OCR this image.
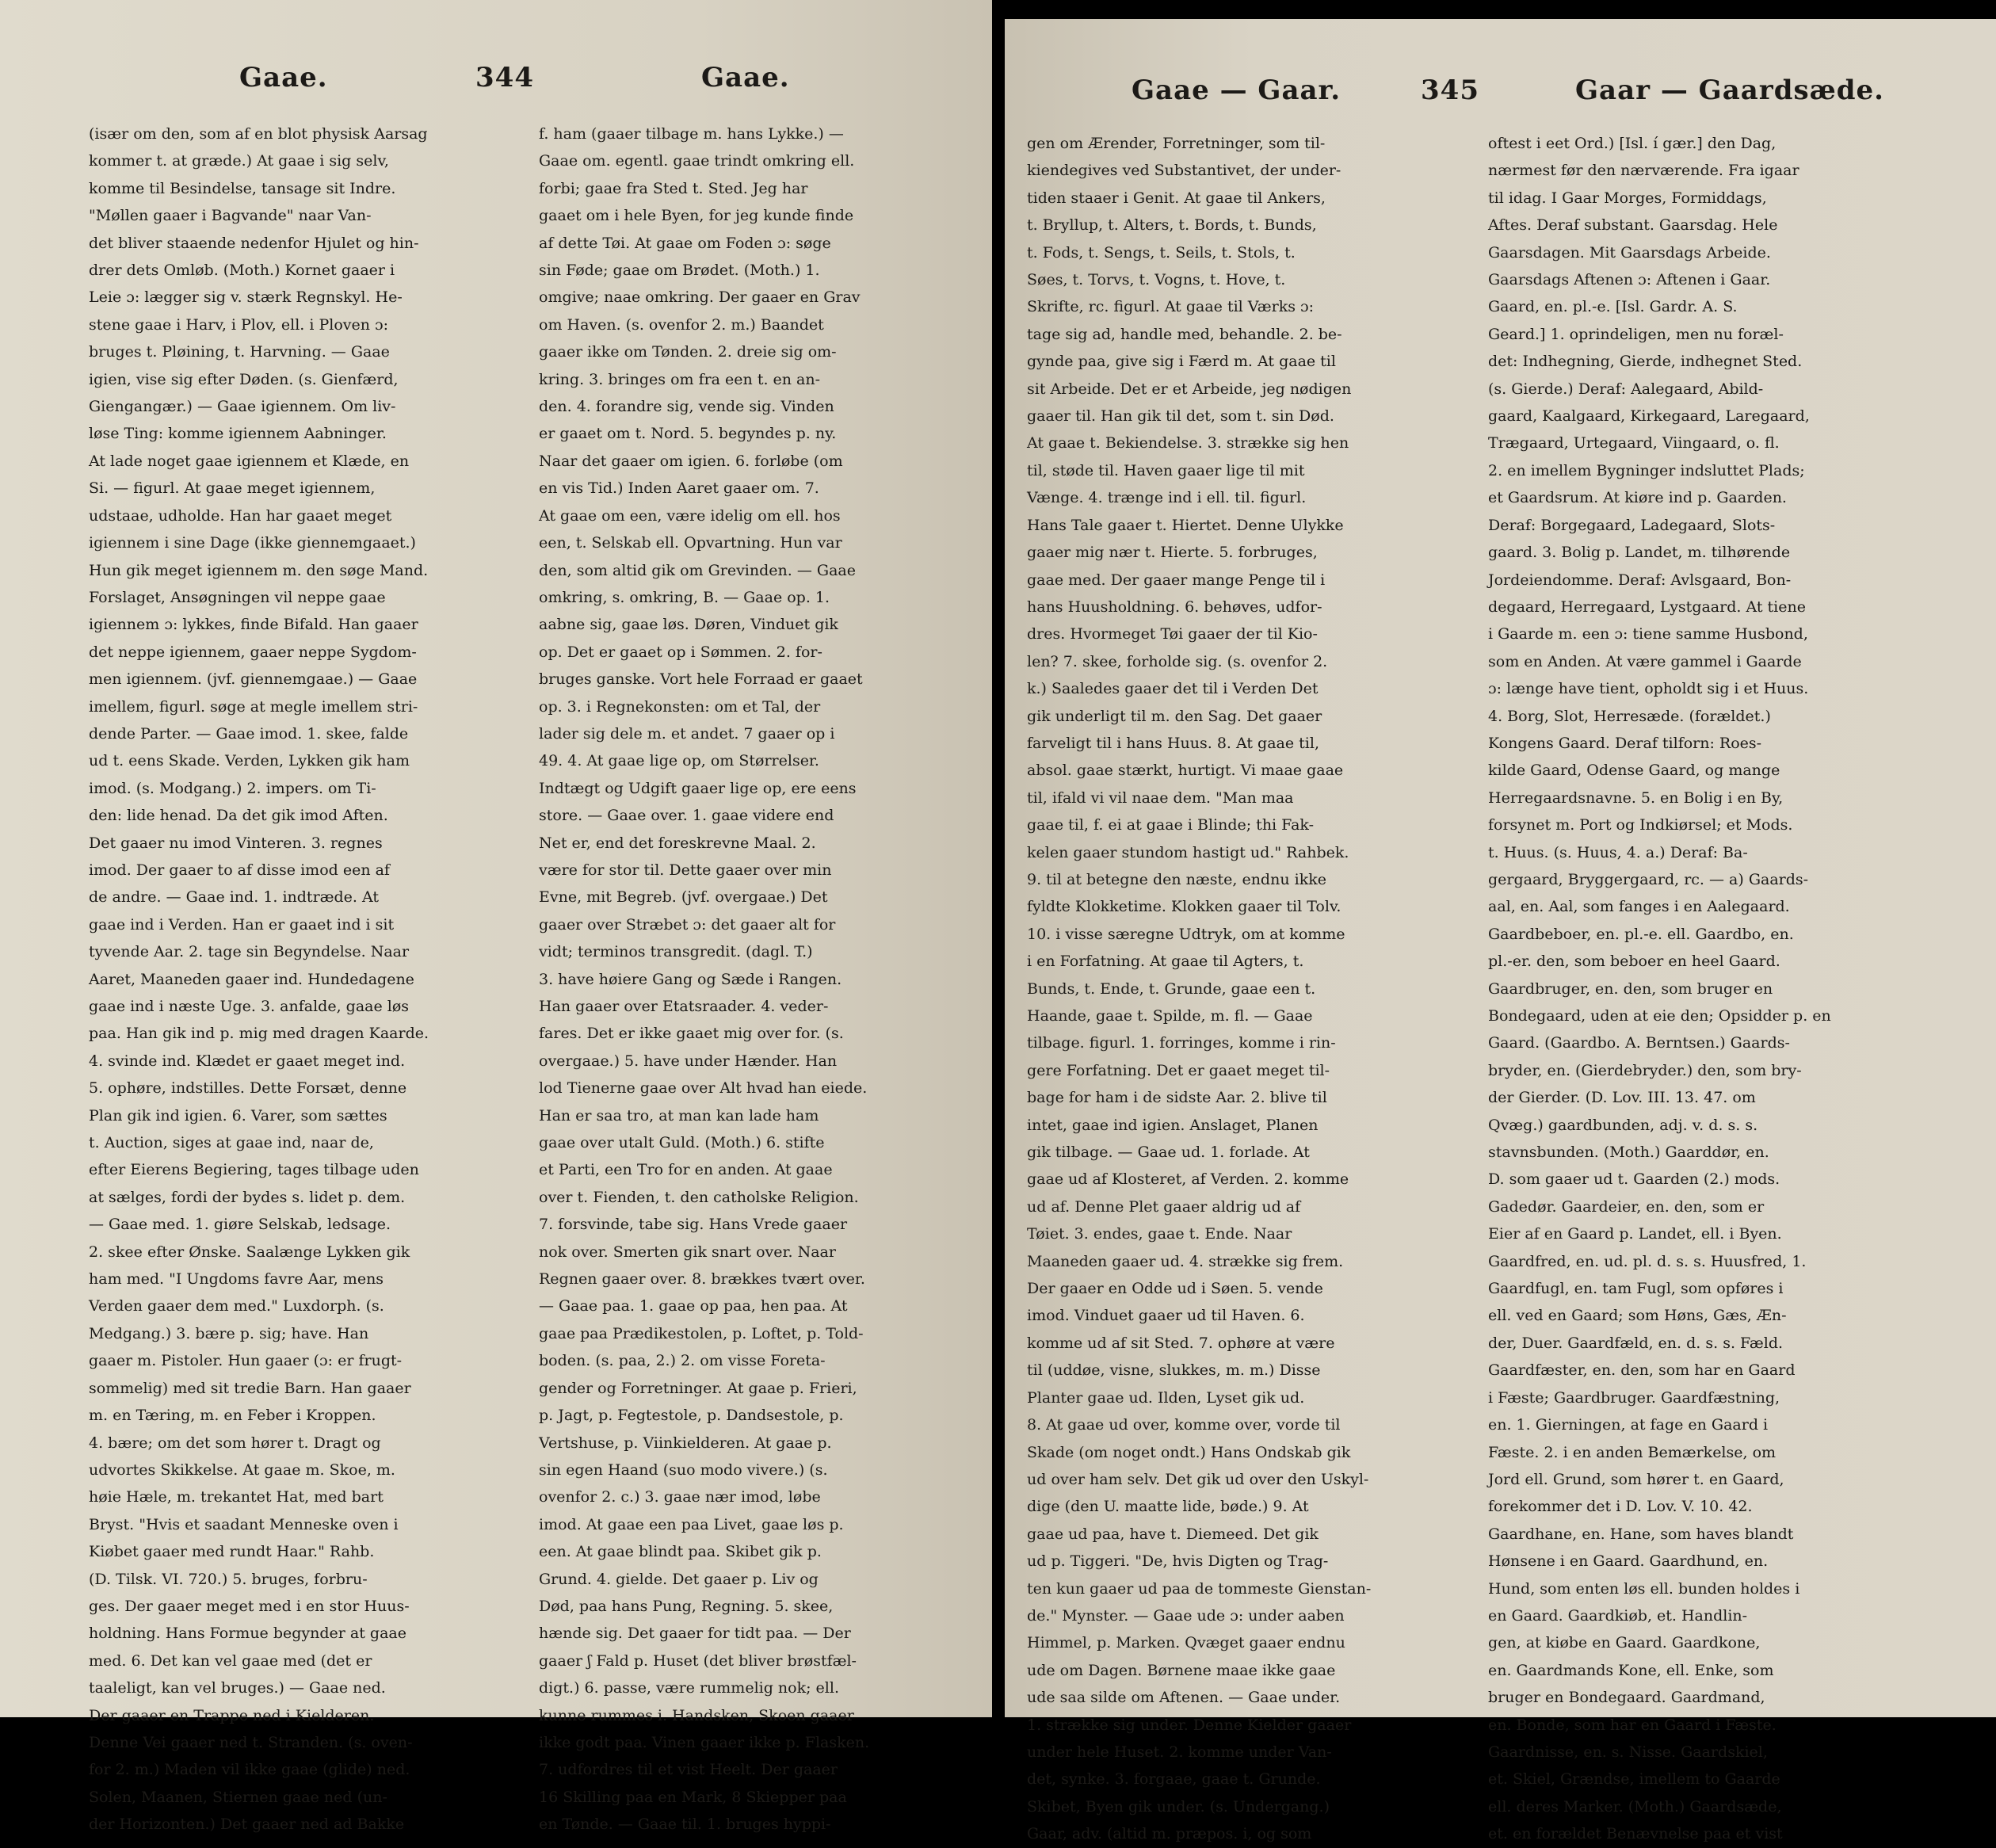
Gaae.	344	Gaae.
(især om den, som af en blot physisk Aarsag
kommer t. at græde.) At gaae i sig selv,
komme til Besindelse, tansage sit Indre.
"Møllen gaaer i Bagvande" naar Van-
det bliver staaende nedenfor Hjulet og hin-
drer dets Omløb. (Moth.) Kornet gaaer i
Leie ɔ: lægger sig v. stærk Regnskyl. He-
stene gaae i Harv, i Plov, ell. i Ploven ɔ:
bruges t. Pløining, t. Harvning. — Gaae
igien, vise sig efter Døden. (s. Gienfærd,
Giengangær.) — Gaae igiennem. Om liv-
løse Ting: komme igiennem Aabninger.
At lade noget gaae igiennem et Klæde, en
Si. — figurl. At gaae meget igiennem,
udstaae, udholde. Han har gaaet meget
igiennem i sine Dage (ikke giennemgaaet.)
Hun gik meget igiennem m. den søge Mand.
Forslaget, Ansøgningen vil neppe gaae
igiennem ɔ: lykkes, finde Bifald. Han gaaer
det neppe igiennem, gaaer neppe Sygdom-
men igiennem. (jvf. giennemgaae.) — Gaae
imellem, figurl. søge at megle imellem stri-
dende Parter. — Gaae imod. 1. skee, falde
ud t. eens Skade. Verden, Lykken gik ham
imod. (s. Modgang.) 2. impers. om Ti-
den: lide henad. Da det gik imod Aften.
Det gaaer nu imod Vinteren. 3. regnes
imod. Der gaaer to af disse imod een af
de andre. — Gaae ind. 1. indtræde. At
gaae ind i Verden. Han er gaaet ind i sit
tyvende Aar. 2. tage sin Begyndelse. Naar
Aaret, Maaneden gaaer ind. Hundedagene
gaae ind i næste Uge. 3. anfalde, gaae løs
paa. Han gik ind p. mig med dragen Kaarde.
4. svinde ind. Klædet er gaaet meget ind.
5. ophøre, indstilles. Dette Forsæt, denne
Plan gik ind igien. 6. Varer, som sættes
t. Auction, siges at gaae ind, naar de,
efter Eierens Begiering, tages tilbage uden
at sælges, fordi der bydes s. lidet p. dem.
— Gaae med. 1. giøre Selskab, ledsage.
2. skee efter Ønske. Saalænge Lykken gik
ham med. "I Ungdoms favre Aar, mens
Verden gaaer dem med." Luxdorph. (s.
Medgang.) 3. bære p. sig; have. Han
gaaer m. Pistoler. Hun gaaer (ɔ: er frugt-
sommelig) med sit tredie Barn. Han gaaer
m. en Tæring, m. en Feber i Kroppen.
4. bære; om det som hører t. Dragt og
udvortes Skikkelse. At gaae m. Skoe, m.
høie Hæle, m. trekantet Hat, med bart
Bryst. "Hvis et saadant Menneske oven i
Kiøbet gaaer med rundt Haar." Rahb.
(D. Tilsk. VI. 720.) 5. bruges, forbru-
ges. Der gaaer meget med i en stor Huus-
holdning. Hans Formue begynder at gaae
med. 6. Det kan vel gaae med (det er
taaleligt, kan vel bruges.) — Gaae ned.
Der gaaer en Trappe ned i Kielderen.
Denne Vei gaaer ned t. Stranden. (s. oven-
for 2. m.) Maden vil ikke gaae (glide) ned.
Solen, Maanen, Stiernen gaae ned (un-
der Horizonten.) Det gaaer ned ad Bakke
f. ham (gaaer tilbage m. hans Lykke.) —
Gaae om. egentl. gaae trindt omkring ell.
forbi; gaae fra Sted t. Sted. Jeg har
gaaet om i hele Byen, for jeg kunde finde
af dette Tøi. At gaae om Foden ɔ: søge
sin Føde; gaae om Brødet. (Moth.) 1.
omgive; naae omkring. Der gaaer en Grav
om Haven. (s. ovenfor 2. m.) Baandet
gaaer ikke om Tønden. 2. dreie sig om-
kring. 3. bringes om fra een t. en an-
den. 4. forandre sig, vende sig. Vinden
er gaaet om t. Nord. 5. begyndes p. ny.
Naar det gaaer om igien. 6. forløbe (om
en vis Tid.) Inden Aaret gaaer om. 7.
At gaae om een, være idelig om ell. hos
een, t. Selskab ell. Opvartning. Hun var
den, som altid gik om Grevinden. — Gaae
omkring, s. omkring, B. — Gaae op. 1.
aabne sig, gaae løs. Døren, Vinduet gik
op. Det er gaaet op i Sømmen. 2. for-
bruges ganske. Vort hele Forraad er gaaet
op. 3. i Regnekonsten: om et Tal, der
lader sig dele m. et andet. 7 gaaer op i
49. 4. At gaae lige op, om Størrelser.
Indtægt og Udgift gaaer lige op, ere eens
store. — Gaae over. 1. gaae videre end
Net er, end det foreskrevne Maal. 2.
være for stor til. Dette gaaer over min
Evne, mit Begreb. (jvf. overgaae.) Det
gaaer over Stræbet ɔ: det gaaer alt for
vidt; terminos transgredit. (dagl. T.)
3. have høiere Gang og Sæde i Rangen.
Han gaaer over Etatsraader. 4. veder-
fares. Det er ikke gaaet mig over for. (s.
overgaae.) 5. have under Hænder. Han
lod Tienerne gaae over Alt hvad han eiede.
Han er saa tro, at man kan lade ham
gaae over utalt Guld. (Moth.) 6. stifte
et Parti, een Tro for en anden. At gaae
over t. Fienden, t. den catholske Religion.
7. forsvinde, tabe sig. Hans Vrede gaaer
nok over. Smerten gik snart over. Naar
Regnen gaaer over. 8. brækkes tvært over.
— Gaae paa. 1. gaae op paa, hen paa. At
gaae paa Prædikestolen, p. Loftet, p. Told-
boden. (s. paa, 2.) 2. om visse Foreta-
gender og Forretninger. At gaae p. Frieri,
p. Jagt, p. Fegtestole, p. Dandsestole, p.
Vertshuse, p. Viinkielderen. At gaae p.
sin egen Haand (suo modo vivere.) (s.
ovenfor 2. c.) 3. gaae nær imod, løbe
imod. At gaae een paa Livet, gaae løs p.
een. At gaae blindt paa. Skibet gik p.
Grund. 4. gielde. Det gaaer p. Liv og
Død, paa hans Pung, Regning. 5. skee,
hænde sig. Det gaaer for tidt paa. — Der
gaaer ʃ Fald p. Huset (det bliver brøstfæl-
digt.) 6. passe, være rummelig nok; ell.
kunne rummes i. Handsken, Skoen gaaer
ikke godt paa. Vinen gaaer ikke p. Flasken.
7. udfordres til et vist Heelt. Der gaaer
16 Skilling paa en Mark, 8 Skiepper paa
en Tønde. — Gaae til. 1. bruges hyppi-
Gaae — Gaar.	345	Gaar — Gaardsæde.
gen om Ærender, Forretninger, som til-
kiendegives ved Substantivet, der under-
tiden staaer i Genit. At gaae til Ankers,
t. Bryllup, t. Alters, t. Bords, t. Bunds,
t. Fods, t. Sengs, t. Seils, t. Stols, t.
Søes, t. Torvs, t. Vogns, t. Hove, t.
Skrifte, rc. figurl. At gaae til Værks ɔ:
tage sig ad, handle med, behandle. 2. be-
gynde paa, give sig i Færd m. At gaae til
sit Arbeide. Det er et Arbeide, jeg nødigen
gaaer til. Han gik til det, som t. sin Død.
At gaae t. Bekiendelse. 3. strække sig hen
til, støde til. Haven gaaer lige til mit
Vænge. 4. trænge ind i ell. til. figurl.
Hans Tale gaaer t. Hiertet. Denne Ulykke
gaaer mig nær t. Hierte. 5. forbruges,
gaae med. Der gaaer mange Penge til i
hans Huusholdning. 6. behøves, udfor-
dres. Hvormeget Tøi gaaer der til Kio-
len? 7. skee, forholde sig. (s. ovenfor 2.
k.) Saaledes gaaer det til i Verden Det
gik underligt til m. den Sag. Det gaaer
farveligt til i hans Huus. 8. At gaae til,
absol. gaae stærkt, hurtigt. Vi maae gaae
til, ifald vi vil naae dem. "Man maa
gaae til, f. ei at gaae i Blinde; thi Fak-
kelen gaaer stundom hastigt ud." Rahbek.
9. til at betegne den næste, endnu ikke
fyldte Klokketime. Klokken gaaer til Tolv.
10. i visse særegne Udtryk, om at komme
i en Forfatning. At gaae til Agters, t.
Bunds, t. Ende, t. Grunde, gaae een t.
Haande, gaae t. Spilde, m. fl. — Gaae
tilbage. figurl. 1. forringes, komme i rin-
gere Forfatning. Det er gaaet meget til-
bage for ham i de sidste Aar. 2. blive til
intet, gaae ind igien. Anslaget, Planen
gik tilbage. — Gaae ud. 1. forlade. At
gaae ud af Klosteret, af Verden. 2. komme
ud af. Denne Plet gaaer aldrig ud af
Tøiet. 3. endes, gaae t. Ende. Naar
Maaneden gaaer ud. 4. strække sig frem.
Der gaaer en Odde ud i Søen. 5. vende
imod. Vinduet gaaer ud til Haven. 6.
komme ud af sit Sted. 7. ophøre at være
til (uddøe, visne, slukkes, m. m.) Disse
Planter gaae ud. Ilden, Lyset gik ud.
8. At gaae ud over, komme over, vorde til
Skade (om noget ondt.) Hans Ondskab gik
ud over ham selv. Det gik ud over den Uskyl-
dige (den U. maatte lide, bøde.) 9. At
gaae ud paa, have t. Diemeed. Det gik
ud p. Tiggeri. "De, hvis Digten og Trag-
ten kun gaaer ud paa de tommeste Gienstan-
de." Mynster. — Gaae ude ɔ: under aaben
Himmel, p. Marken. Qvæget gaaer endnu
ude om Dagen. Børnene maae ikke gaae
ude saa silde om Aftenen. — Gaae under.
1. strække sig under. Denne Kielder gaaer
under hele Huset. 2. komme under Van-
det, synke. 3. forgaae, gaae t. Grunde.
Skibet, Byen gik under. (s. Undergang.)
Gaar, adv. (altid m. præpos. i, og som
oftest i eet Ord.) [Isl. í gær.] den Dag,
nærmest før den nærværende. Fra igaar
til idag. I Gaar Morges, Formiddags,
Aftes. Deraf substant. Gaarsdag. Hele
Gaarsdagen. Mit Gaarsdags Arbeide.
Gaarsdags Aftenen ɔ: Aftenen i Gaar.
Gaard, en. pl.-e. [Isl. Gardr. A. S.
Geard.] 1. oprindeligen, men nu foræl-
det: Indhegning, Gierde, indhegnet Sted.
(s. Gierde.) Deraf: Aalegaard, Abild-
gaard, Kaalgaard, Kirkegaard, Laregaard,
Trægaard, Urtegaard, Viingaard, o. fl.
2. en imellem Bygninger indsluttet Plads;
et Gaardsrum. At kiøre ind p. Gaarden.
Deraf: Borgegaard, Ladegaard, Slots-
gaard. 3. Bolig p. Landet, m. tilhørende
Jordeiendomme. Deraf: Avlsgaard, Bon-
degaard, Herregaard, Lystgaard. At tiene
i Gaarde m. een ɔ: tiene samme Husbond,
som en Anden. At være gammel i Gaarde
ɔ: længe have tient, opholdt sig i et Huus.
4. Borg, Slot, Herresæde. (forældet.)
Kongens Gaard. Deraf tilforn: Roes-
kilde Gaard, Odense Gaard, og mange
Herregaardsnavne. 5. en Bolig i en By,
forsynet m. Port og Indkiørsel; et Mods.
t. Huus. (s. Huus, 4. a.) Deraf: Ba-
gergaard, Bryggergaard, rc. — a) Gaards-
aal, en. Aal, som fanges i en Aalegaard.
Gaardbeboer, en. pl.-e. ell. Gaardbo, en.
pl.-er. den, som beboer en heel Gaard.
Gaardbruger, en. den, som bruger en
Bondegaard, uden at eie den; Opsidder p. en
Gaard. (Gaardbo. A. Berntsen.) Gaards-
bryder, en. (Gierdebryder.) den, som bry-
der Gierder. (D. Lov. III. 13. 47. om
Qvæg.) gaardbunden, adj. v. d. s. s.
stavnsbunden. (Moth.) Gaarddør, en.
D. som gaaer ud t. Gaarden (2.) mods.
Gadedør. Gaardeier, en. den, som er
Eier af en Gaard p. Landet, ell. i Byen.
Gaardfred, en. ud. pl. d. s. s. Huusfred, 1.
Gaardfugl, en. tam Fugl, som opføres i
ell. ved en Gaard; som Høns, Gæs, Æn-
der, Duer. Gaardfæld, en. d. s. s. Fæld.
Gaardfæster, en. den, som har en Gaard
i Fæste; Gaardbruger. Gaardfæstning,
en. 1. Gierningen, at fage en Gaard i
Fæste. 2. i en anden Bemærkelse, om
Jord ell. Grund, som hører t. en Gaard,
forekommer det i D. Lov. V. 10. 42.
Gaardhane, en. Hane, som haves blandt
Hønsene i en Gaard. Gaardhund, en.
Hund, som enten løs ell. bunden holdes i
en Gaard. Gaardkiøb, et. Handlin-
gen, at kiøbe en Gaard. Gaardkone,
en. Gaardmands Kone, ell. Enke, som
bruger en Bondegaard. Gaardmand,
en. Bonde, som har en Gaard i Fæste.
Gaardnisse, en. s. Nisse. Gaardskiel,
et. Skiel, Grændse, imellem to Gaarde
ell. deres Marker. (Moth.) Gaardsæde,
et. en forældet Benævnelse paa et vist
